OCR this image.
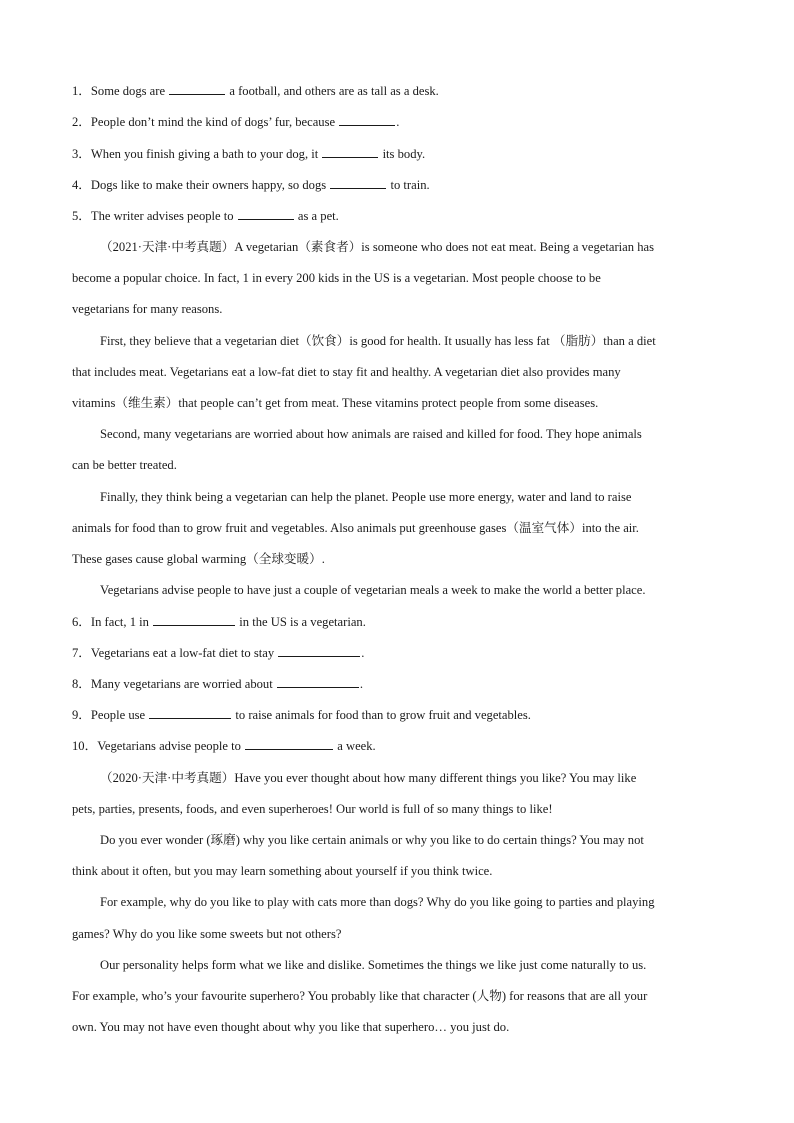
1．Some dogs are	a football, and others are as tall as a desk.
2．People don’t mind the kind of dogs’ fur, because	.
3．When you finish giving a bath to your dog, it	its body.
4．Dogs like to make their owners happy, so dogs	to train.
5．The writer advises people to	as a pet.
（2021·天津·中考真题）A vegetarian（素食者）is someone who does not eat meat. Being a vegetarian has
become a popular choice. In fact, 1 in every 200 kids in the US is a vegetarian. Most people choose to be
vegetarians for many reasons.
First, they believe that a vegetarian diet（饮食）is good for health. It usually has less fat （脂肪）than a diet
that includes meat. Vegetarians eat a low-fat diet to stay fit and healthy. A vegetarian diet also provides many
vitamins（维生素）that people can’t get from meat. These vitamins protect people from some diseases.
Second, many vegetarians are worried about how animals are raised and killed for food. They hope animals
can be better treated.
Finally, they think being a vegetarian can help the planet. People use more energy, water and land to raise
animals for food than to grow fruit and vegetables. Also animals put greenhouse gases（温室气体）into the air.
These gases cause global warming（全球变暖）.
Vegetarians advise people to have just a couple of vegetarian meals a week to make the world a better place.
6．In fact, 1 in	in the US is a vegetarian.
7．Vegetarians eat a low-fat diet to stay	.
8．Many vegetarians are worried about	.
9．People use	to raise animals for food than to grow fruit and vegetables.
10．Vegetarians advise people to	a week.
（2020·天津·中考真题）Have you ever thought about how many different things you like? You may like
pets, parties, presents, foods, and even superheroes! Our world is full of so many things to like!
Do you ever wonder (琢磨) why you like certain animals or why you like to do certain things? You may not
think about it often, but you may learn something about yourself if you think twice.
For example, why do you like to play with cats more than dogs? Why do you like going to parties and playing
games? Why do you like some sweets but not others?
Our personality helps form what we like and dislike. Sometimes the things we like just come naturally to us.
For example, who’s your favourite superhero? You probably like that character (人物) for reasons that are all your
own. You may not have even thought about why you like that superhero… you just do.
